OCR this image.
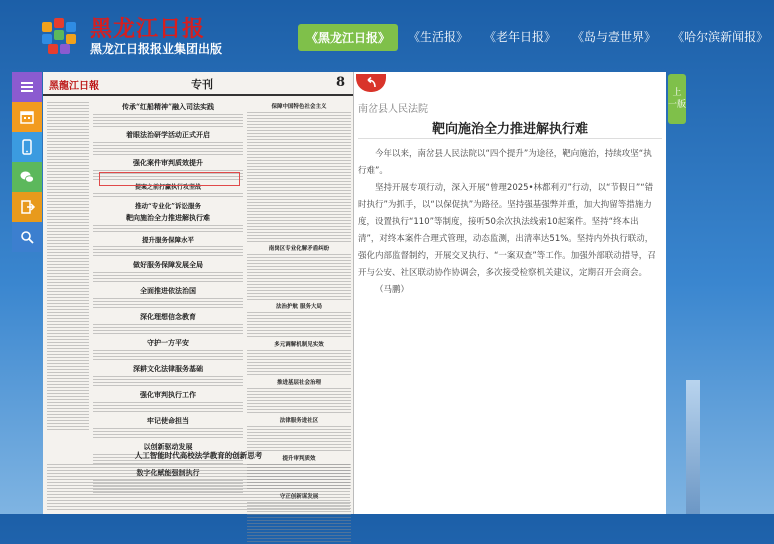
黑龙江日报
黑龙江日报报业集团出版
《黑龙江日报》	《生活报》	《老年日报》	《岛与壹世界》	《哈尔滨新闻报》
黑龍江日報	专刊	8
传承“红船精神”融入司法实践
着眼法治研学活动正式开启
强化案件审判质效提升
提案之前打赢执行攻坚战
推动“专业化”诉讼服务
靶向施治全力推进解执行难
提升服务保障水平
做好服务保障发展全局
全面推进依法治国
深化理想信念教育
守护一方平安
深耕文化法律服务基础
强化审判执行工作
牢记使命担当
以创新驱动发展
数字化赋能强制执行
保障中国特色社会主义
南岗区专业化解矛盾纠纷
法治护航 服务大局
多元调解机制见实效
推进基层社会治理
法律服务进社区
提升审判质效
守正创新谋发展
人工智能时代高校法学教育的创新思考
南岔县人民法院
靶向施治全力推进解执行难

今年以来，南岔县人民法院以“四个提升”为途径，靶向施治，持续攻坚“执行难”。

坚持开展专项行动，深入开展“曾理2025•林都利刃”行动，以“节假日”“错时执行”为抓手，以“以保促执”为路径。坚持强基强弊并重，加大拘留等措施力度，设置执行“110”等制度，接听50余次执法线索10起案件。坚持“终本出清”，对终本案件合理式管理，动态监测，出清率达51%。坚持内外执行联动，强化内部监督制约，开展交叉执行、“一案双查”等工作。加强外部联动措导，召开与公安、社区联动协作协调会，多次接受检察机关建议，定期召开会商会。

（马鹏）

上
一版
